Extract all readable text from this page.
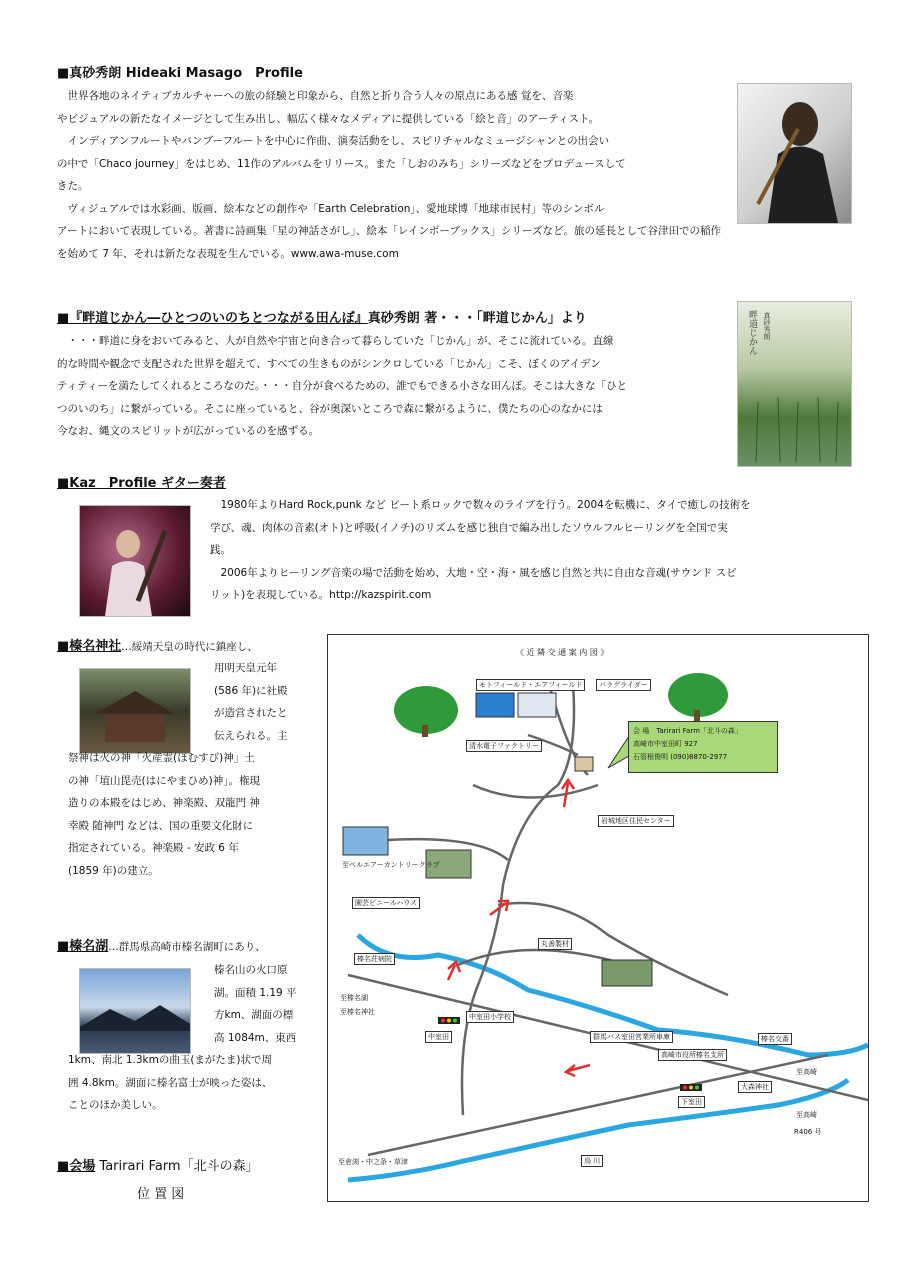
■真砂秀朗 Hideaki Masago　Profile
　世界各地のネイティブカルチャーへの旅の経験と印象から、自然と折り合う人々の原点にある感 覚を、音楽
やビジュアルの新たなイメージとして生み出し、幅広く様々なメディアに提供している「絵と音」のアーティスト。
　インディアンフルートやバンブーフルートを中心に作曲、演奏活動をし、スピリチャルなミュージシャンとの出会い
の中で「Chaco journey」をはじめ、11作のアルバムをリリース。また「しおのみち」シリーズなどをプロデュースして
きた。
　ヴィジュアルでは水彩画、版画、絵本などの創作や「Earth Celebration」、愛地球博「地球市民村」等のシンボル
アートにおいて表現している。著書に詩画集「星の神話さがし」、絵本「レインボーブックス」シリーズなど。旅の延長として谷津田での稲作
を始めて 7 年、それは新たな表現を生んでいる。www.awa-muse.com
■『畔道じかん―ひとつのいのちとつながる田んぼ』真砂秀朗 著・・・「畔道じかん」より
　・・・畔道に身をおいてみると、人が自然や宇宙と向き合って暮らしていた「じかん」が、そこに流れている。直線
的な時間や観念で支配された世界を超えて、すべての生きものがシンクロしている「じかん」こそ、ぼくのアイデン
ティティーを満たしてくれるところなのだ。・・・自分が食べるための、誰でもできる小さな田んぼ。そこは大きな「ひと
つのいのち」に繋がっている。そこに座っていると、谷が奥深いところで森に繋がるように、僕たちの心のなかには
今なお、縄文のスピリットが広がっているのを感ずる。
畔道じかん 真砂秀朗
■Kaz　Profile ギター奏者
　1980年よりHard Rock,punk など ビート系ロックで数々のライブを行う。2004を転機に、タイで癒しの技術を
学び、魂、肉体の音素(オト)と呼吸(イノチ)のリズムを感じ独自で編み出したソウルフルヒーリングを全国で実
践。
　2006年よりヒーリング音楽の場で活動を始め、大地・空・海・風を感じ自然と共に自由な音魂(サウンド スピ
リット)を表現している。http://kazspirit.com
■榛名神社…綏靖天皇の時代に鎮座し、
用明天皇元年
(586 年)に社殿
が造営されたと
伝えられる。主
祭神は火の神「火産霊(ほむすび)神」土
の神「埴山毘売(はにやまひめ)神」。権現
造りの本殿をはじめ、神楽殿、双龍門 神
幸殿 随神門 などは、国の重要文化財に
指定されている。神楽殿 - 安政 6 年
(1859 年)の建立。
■榛名湖…群馬県高崎市榛名湖町にあり、
榛名山の火口原
湖。面積 1.19 平
方km、湖面の標
高 1084m、東西
1km、南北 1.3kmの曲玉(まがたま)状で周
囲 4.8km。湖面に榛名富士が映った姿は、
ことのほか美しい。
■会場 Tarirari Farm「北斗の森」
位 置 図
《 近 隣 交 通 案 内 図 》
モトフィールド・エアフィールド	パラグライダー
清水電子ファクトリー
岩城地区住民センター
至ベルエアーカントリークラブ
園芸ビニールハウス
丸善製材
榛名荘病院
至榛名湖
至榛名神社
中室田
中室田小学校
群馬バス室田営業所車庫
高崎市役所榛名支所
榛名交番
大森神社
下室田
至高崎
至高崎
R406 号
至倉渕・中之条・草津	烏 川
会 場　Tarirari Farm「北斗の森」
高崎市中室田町 927
石管根俊明 (090)8870-2977
